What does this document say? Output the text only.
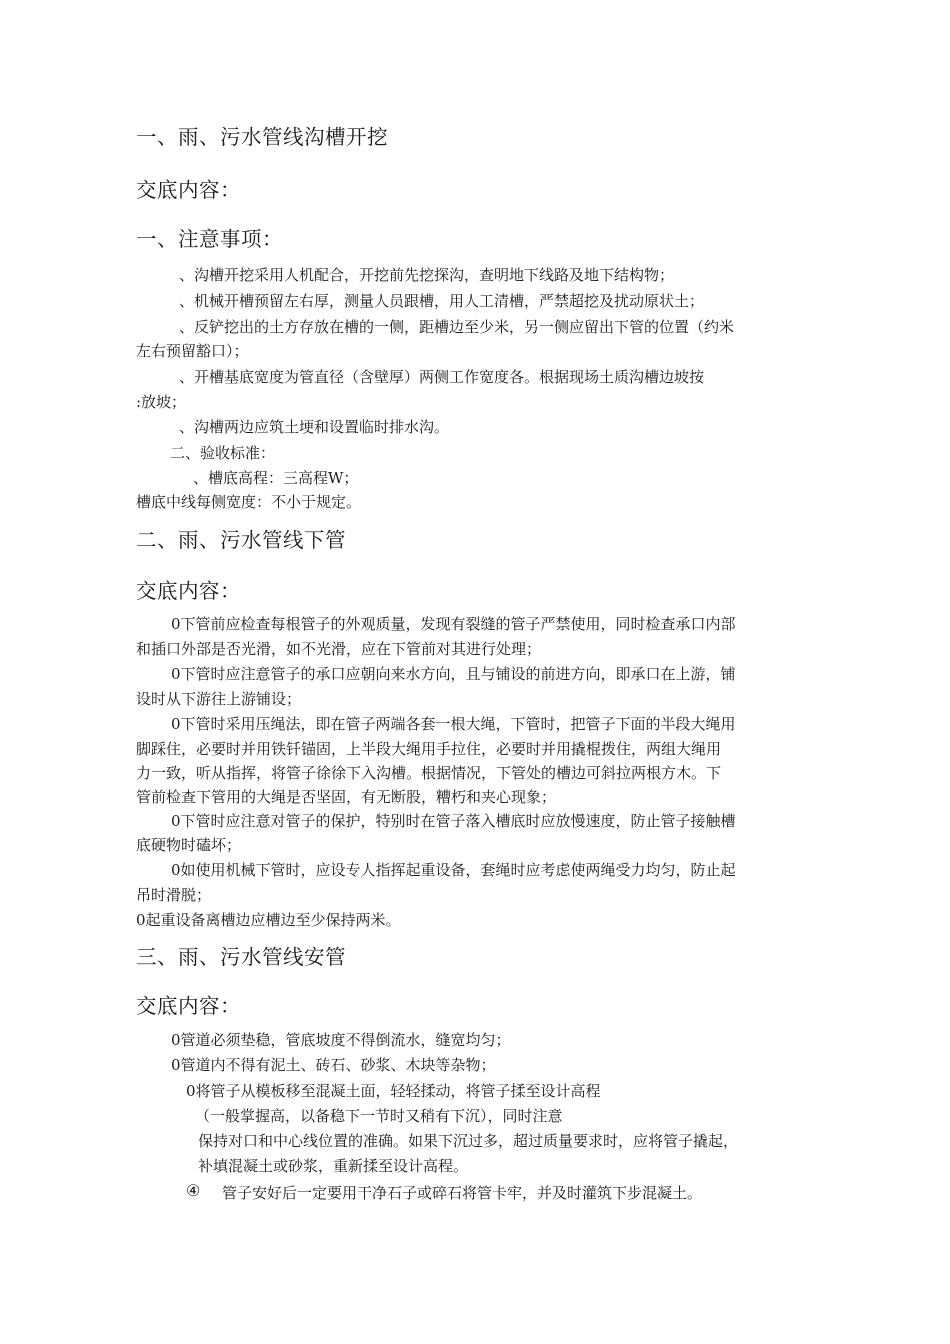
一、雨、污水管线沟槽开挖

交底内容：

一、注意事项：

、沟槽开挖采用人机配合，开挖前先挖探沟，查明地下线路及地下结构物；

、机械开槽预留左右厚，测量人员跟槽，用人工清槽，严禁超挖及扰动原状土；

、反铲挖出的土方存放在槽的一侧，距槽边至少米，另一侧应留出下管的位置（约米

左右预留豁口）；

、开槽基底宽度为管直径（含壁厚）两侧工作宽度各。根据现场土质沟槽边坡按

:放坡；

、沟槽两边应筑土埂和设置临时排水沟。

二、验收标准：

、槽底高程：三高程W；

槽底中线每侧宽度：不小于规定。

二、雨、污水管线下管

交底内容：

0下管前应检查每根管子的外观质量，发现有裂缝的管子严禁使用，同时检查承口内部

和插口外部是否光滑，如不光滑，应在下管前对其进行处理；

0下管时应注意管子的承口应朝向来水方向，且与铺设的前进方向，即承口在上游，铺

设时从下游往上游铺设；

0下管时采用压绳法，即在管子两端各套一根大绳，下管时，把管子下面的半段大绳用

脚踩住，必要时并用铁钎锚固，上半段大绳用手拉住，必要时并用撬棍拨住，两组大绳用

力一致，听从指挥，将管子徐徐下入沟槽。根据情况，下管处的槽边可斜拉两根方木。下

管前检查下管用的大绳是否坚固，有无断股，糟朽和夹心现象；

0下管时应注意对管子的保护，特别时在管子落入槽底时应放慢速度，防止管子接触槽

底硬物时磕坏；

0如使用机械下管时，应设专人指挥起重设备，套绳时应考虑使两绳受力均匀，防止起

吊时滑脱；

0起重设备离槽边应槽边至少保持两米。

三、雨、污水管线安管

交底内容：

0管道必须垫稳，管底坡度不得倒流水，缝宽均匀；

0管道内不得有泥土、砖石、砂浆、木块等杂物；

0将管子从模板移至混凝土面，轻轻揉动，将管子揉至设计高程

（一般掌握高，以备稳下一节时又稍有下沉），同时注意

保持对口和中心线位置的准确。如果下沉过多，超过质量要求时，应将管子撬起，

补填混凝土或砂浆，重新揉至设计高程。

④ 管子安好后一定要用干净石子或碎石将管卡牢，并及时灌筑下步混凝土。
